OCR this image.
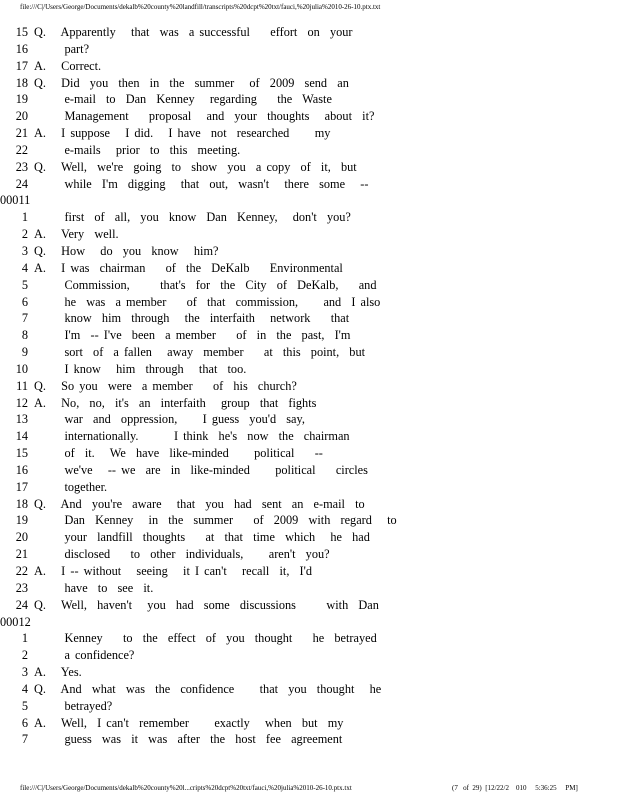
file:///C|/Users/George/Documents/dekalb%20county%20landfill/transcripts%20dcpt%20txt/fauci,%20julia%2010-26-10.ptx.txt
15 Q.   Apparently   that  was  a successful    effort  on  your
16 part?
17 A.   Correct.
18 Q.   Did  you  then  in  the  summer   of  2009  send  an
19 e-mail  to  Dan  Kenney   regarding    the  Waste
20 Management    proposal   and  your  thoughts   about  it?
21 A.   I suppose   I did.   I have  not  researched     my
22 e-mails   prior  to  this  meeting.
23 Q.   Well,  we're  going  to  show  you  a copy  of  it,  but
24 while  I'm  digging   that  out,  wasn't   there  some   --
00011
1 first  of  all,  you  know  Dan  Kenney,   don't  you?
2 A.   Very  well.
3 Q.   How   do  you  know   him?
4 A.   I was  chairman    of  the  DeKalb    Environmental
5 Commission,      that's  for  the  City  of  DeKalb,    and
6 he  was  a member    of  that  commission,     and  I also
7 know  him  through   the  interfaith   network    that
8 I'm  -- I've  been  a member    of  in  the  past,  I'm
9 sort  of  a fallen   away  member    at  this  point,  but
10 I know   him  through   that  too.
11 Q.   So you  were  a member    of  his  church?
12 A.   No,  no,  it's  an  interfaith   group  that  fights
13 war  and  oppression,     I guess  you'd  say,
14 internationally.       I think  he's  now  the  chairman
15 of  it.   We  have  like-minded     political    --
16 we've   -- we  are  in  like-minded     political    circles
17 together.
18 Q.   And  you're  aware   that  you  had  sent  an  e-mail  to
19 Dan  Kenney   in  the  summer    of  2009  with  regard   to
20 your  landfill  thoughts    at  that  time  which   he  had
21 disclosed    to  other  individuals,     aren't  you?
22 A.   I -- without   seeing   it I can't   recall  it,  I'd
23 have  to  see  it.
24 Q.   Well,  haven't   you  had  some  discussions      with  Dan
00012
1 Kenney    to  the  effect  of  you  thought    he  betrayed
2 a confidence?
3 A.   Yes.
4 Q.   And  what  was  the  confidence     that  you  thought   he
5 betrayed?
6 A.   Well,  I can't  remember     exactly   when  but  my
7 guess  was  it  was  after  the  host  fee  agreement
file:///C|/Users/George/Documents/dekalb%20county%20l...cripts%20dcpt%20txt/fauci,%20julia%2010-26-10.ptx.txt	(7   of  29)  [12/22/2    010     5:36:25     PM]
